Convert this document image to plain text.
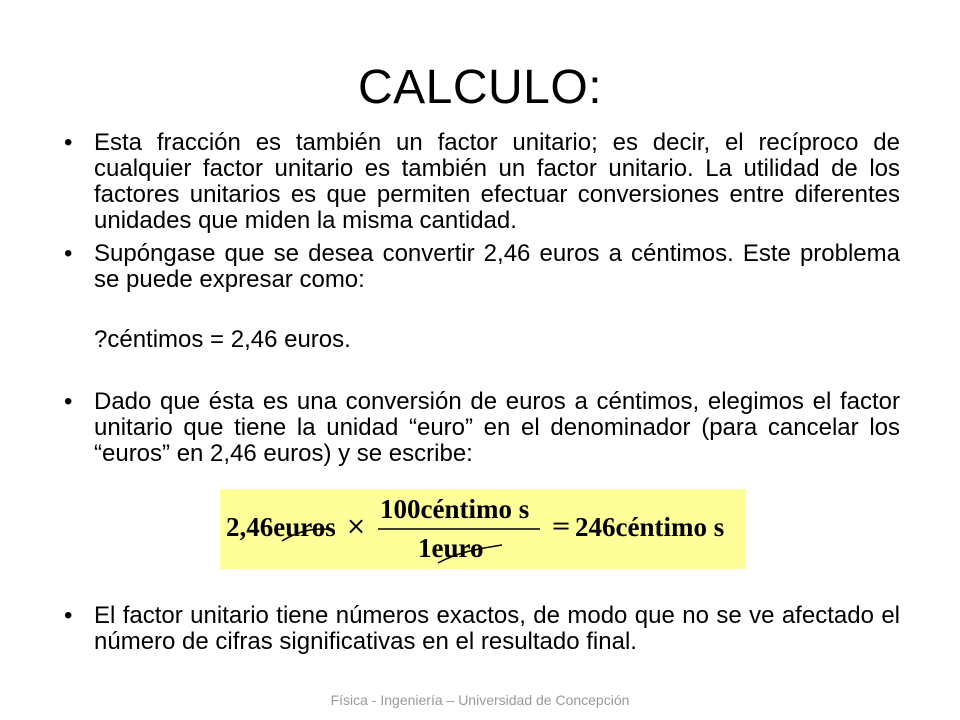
CALCULO:
• Esta fracción es también un factor unitario; es decir, el recíproco de cualquier factor unitario es también un factor unitario. La utilidad de los factores unitarios es que permiten efectuar conversiones entre diferentes unidades que miden la misma cantidad.
• Supóngase que se desea convertir 2,46 euros a céntimos. Este problema se puede expresar como:
?céntimos = 2,46 euros.
• Dado que ésta es una conversión de euros a céntimos, elegimos el factor unitario que tiene la unidad “euro” en el denominador (para cancelar los “euros” en 2,46 euros) y se escribe:
2,46euros ×
100céntimo s
1euro
= 246céntimo s
• El factor unitario tiene números exactos, de modo que no se ve afectado el número de cifras significativas en el resultado final.
Física - Ingeniería – Universidad de Concepción
